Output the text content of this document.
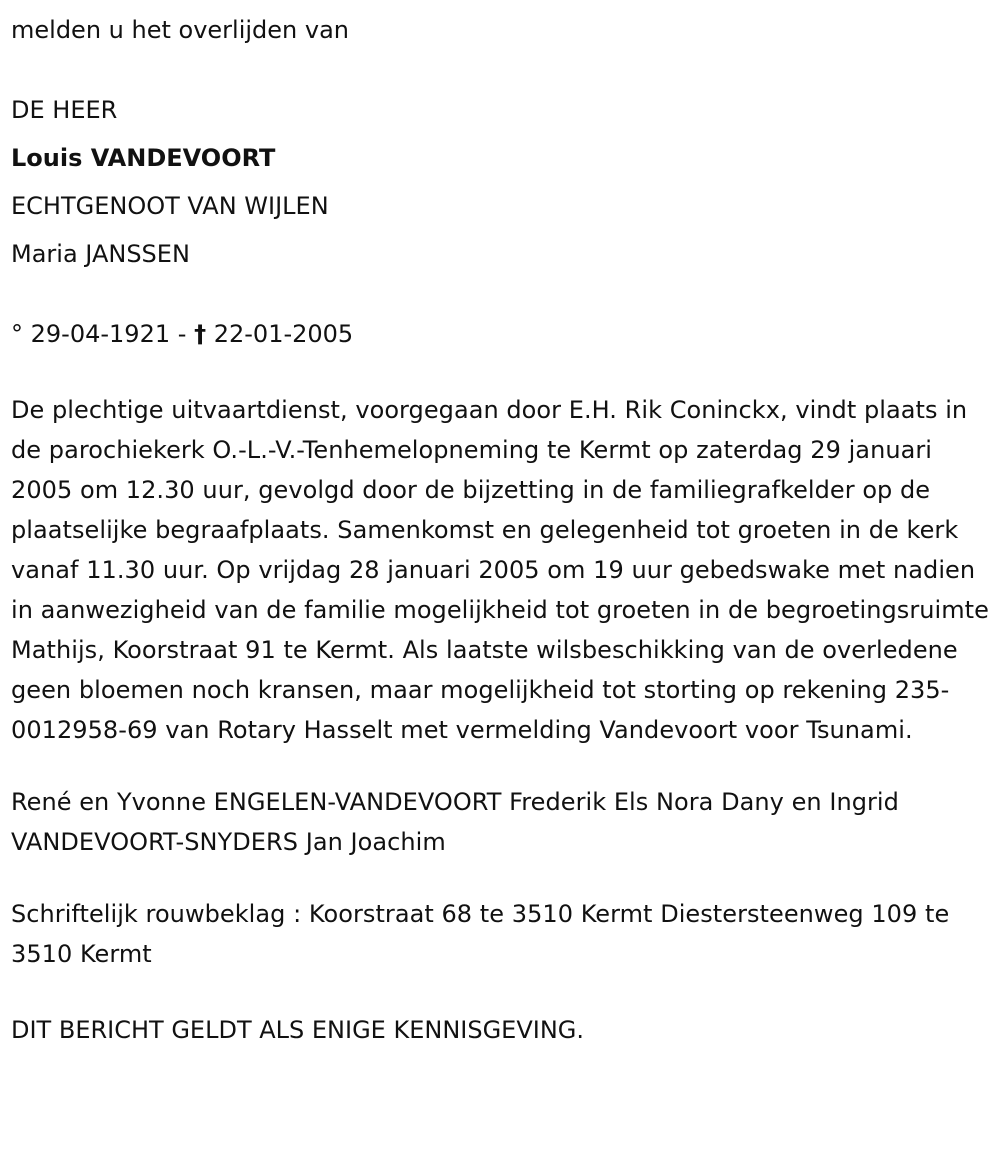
melden u het overlijden van
DE HEER
Louis VANDEVOORT
ECHTGENOOT VAN WIJLEN
Maria JANSSEN
° 29-04-1921 - † 22-01-2005

De plechtige uitvaartdienst, voorgegaan door E.H. Rik Coninckx, vindt plaats in de parochiekerk O.-L.-V.-Tenhemelopneming te Kermt op zaterdag 29 januari 2005 om 12.30 uur, gevolgd door de bijzetting in de familiegrafkelder op de plaatselijke begraafplaats. Samenkomst en gelegenheid tot groeten in de kerk vanaf 11.30 uur. Op vrijdag 28 januari 2005 om 19 uur gebedswake met nadien in aanwezigheid van de familie mogelijkheid tot groeten in de begroetingsruimte Mathijs, Koorstraat 91 te Kermt. Als laatste wilsbeschikking van de overledene geen bloemen noch kransen, maar mogelijkheid tot storting op rekening 235-0012958-69 van Rotary Hasselt met vermelding Vandevoort voor Tsunami.

René en Yvonne ENGELEN-VANDEVOORT Frederik Els Nora Dany en Ingrid VANDEVOORT-SNYDERS Jan Joachim

Schriftelijk rouwbeklag : Koorstraat 68 te 3510 Kermt Diestersteenweg 109 te 3510 Kermt

DIT BERICHT GELDT ALS ENIGE KENNISGEVING.
